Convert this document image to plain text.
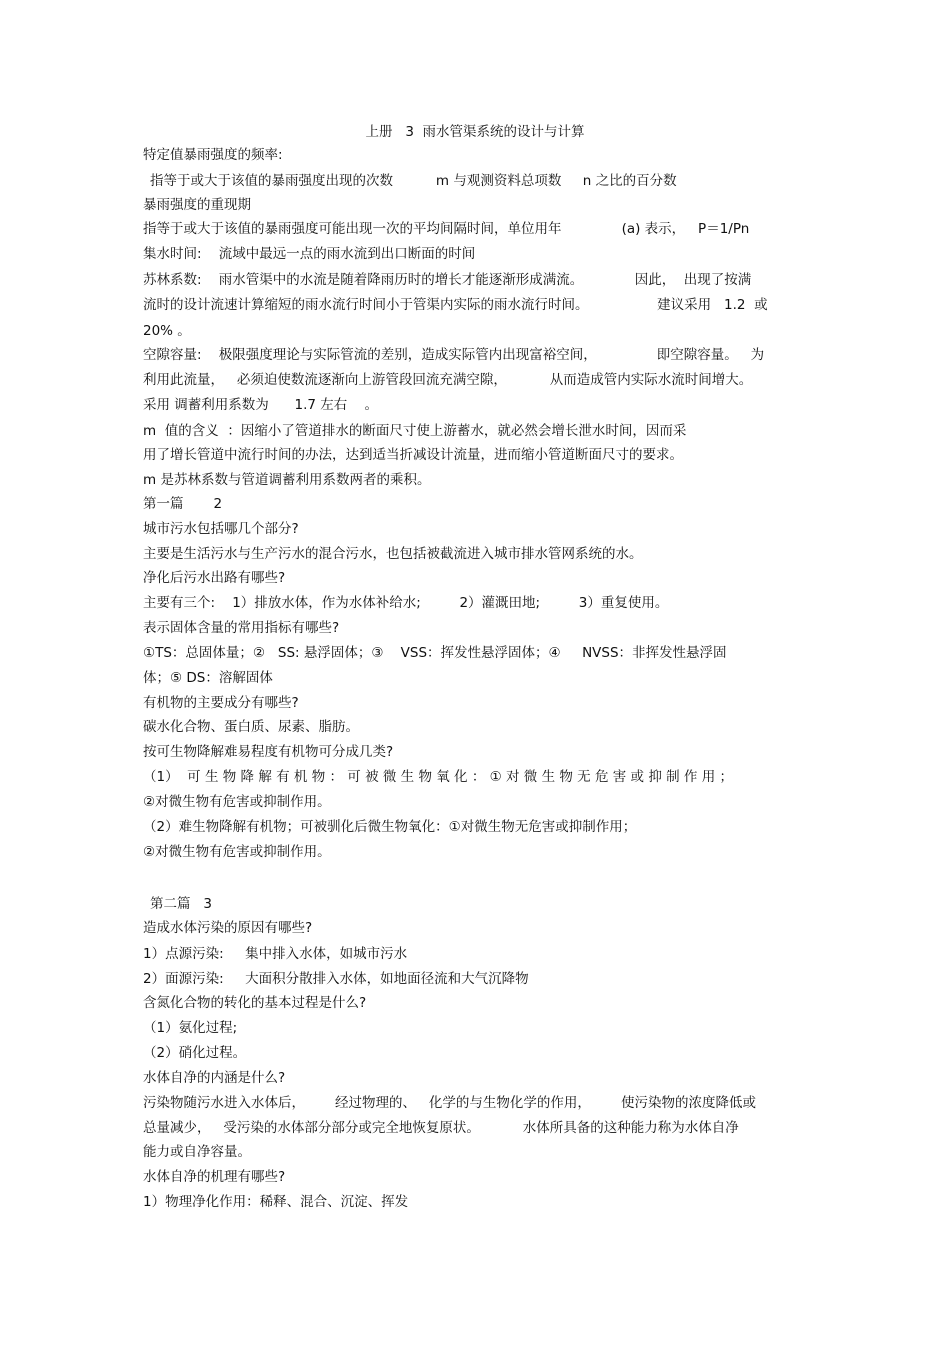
上册   3  雨水管渠系统的设计与计算
特定值暴雨强度的频率:
指等于或大于该值的暴雨强度出现的次数          m 与观测资料总项数     n 之比的百分数
暴雨强度的重现期
指等于或大于该值的暴雨强度可能出现一次的平均间隔时间，单位用年              (a) 表示，   P＝1/Pn
集水时间:    流域中最远一点的雨水流到出口断面的时间
苏林系数:    雨水管渠中的水流是随着降雨历时的增长才能逐渐形成满流。            因此，  出现了按满
流时的设计流速计算缩短的雨水流行时间小于管渠内实际的雨水流行时间。                建议采用   1.2  或
20% 。
空隙容量:    极限强度理论与实际管流的差别，造成实际管内出现富裕空间，              即空隙容量。   为
利用此流量，   必须迫使数流逐渐向上游管段回流充满空隙，          从而造成管内实际水流时间增大。
采用 调蓄利用系数为      1.7 左右    。
m  值的含义  ：因缩小了管道排水的断面尺寸使上游蓄水，就必然会增长泄水时间，因而采
用了增长管道中流行时间的办法，达到适当折减设计流量，进而缩小管道断面尺寸的要求。
m 是苏林系数与管道调蓄利用系数两者的乘积。
第一篇       2
城市污水包括哪几个部分?
主要是生活污水与生产污水的混合污水，也包括被截流进入城市排水管网系统的水。
净化后污水出路有哪些?
主要有三个:    1）排放水体，作为水体补给水;         2）灌溉田地;         3）重复使用。
表示固体含量的常用指标有哪些?
①TS：总固体量；②   SS: 悬浮固体；③    VSS：挥发性悬浮固体；④     NVSS：非挥发性悬浮固
体；⑤ DS：溶解固体
有机物的主要成分有哪些?
碳水化合物、蛋白质、尿素、脂肪。
按可生物降解难易程度有机物可分成几类?
（1）  可 生 物 降 解 有 机 物 ： 可 被 微 生 物 氧 化 ： ① 对 微 生 物 无 危 害 或 抑 制 作 用 ；
②对微生物有危害或抑制作用。
（2）难生物降解有机物；可被驯化后微生物氧化：①对微生物无危害或抑制作用；
②对微生物有危害或抑制作用。
第二篇   3
造成水体污染的原因有哪些?
1）点源污染:     集中排入水体，如城市污水
2）面源污染:     大面积分散排入水体，如地面径流和大气沉降物
含氮化合物的转化的基本过程是什么?
（1）氨化过程;
（2）硝化过程。
水体自净的内涵是什么?
污染物随污水进入水体后，       经过物理的、   化学的与生物化学的作用，       使污染物的浓度降低或
总量减少，   受污染的水体部分部分或完全地恢复原状。          水体所具备的这种能力称为水体自净
能力或自净容量。
水体自净的机理有哪些?
1）物理净化作用：稀释、混合、沉淀、挥发
